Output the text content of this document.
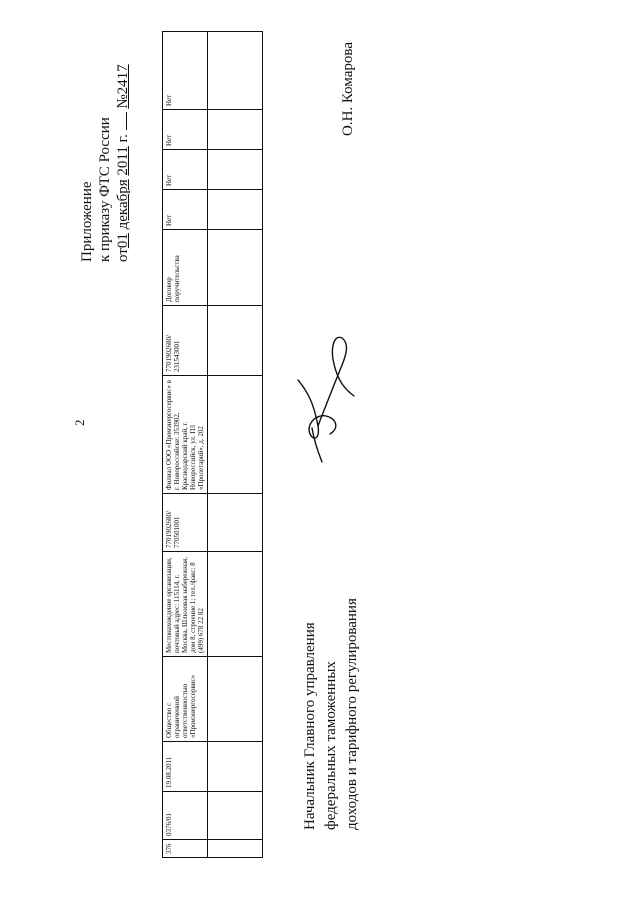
2
Приложение к приказу ФТС России от01 декабря 2011 г.  №2417
376	0376/01	19.08.2011	Общество с ограниченной ответственностью «Промэнергосервис»	Местонахождение организации, почтовый адрес: 115114, г. Москва, Шлюзовая набережная, дом 8, строение 1; тел./факс: 8 (499) 678 22 82	7701902680/ 770501001	Филиал ООО «Промэнергосервис» в г. Новороссийске: 353902, Краснодарский край, г. Новороссийск, ул. ПЗ «Пролетарий», д. 202	7701902680/ 231543001	Договор поручительства	Нет	Нет	Нет	Нет
													О.Н. Комарова
Начальник Главного управления федеральных таможенных доходов и тарифного регулирования
